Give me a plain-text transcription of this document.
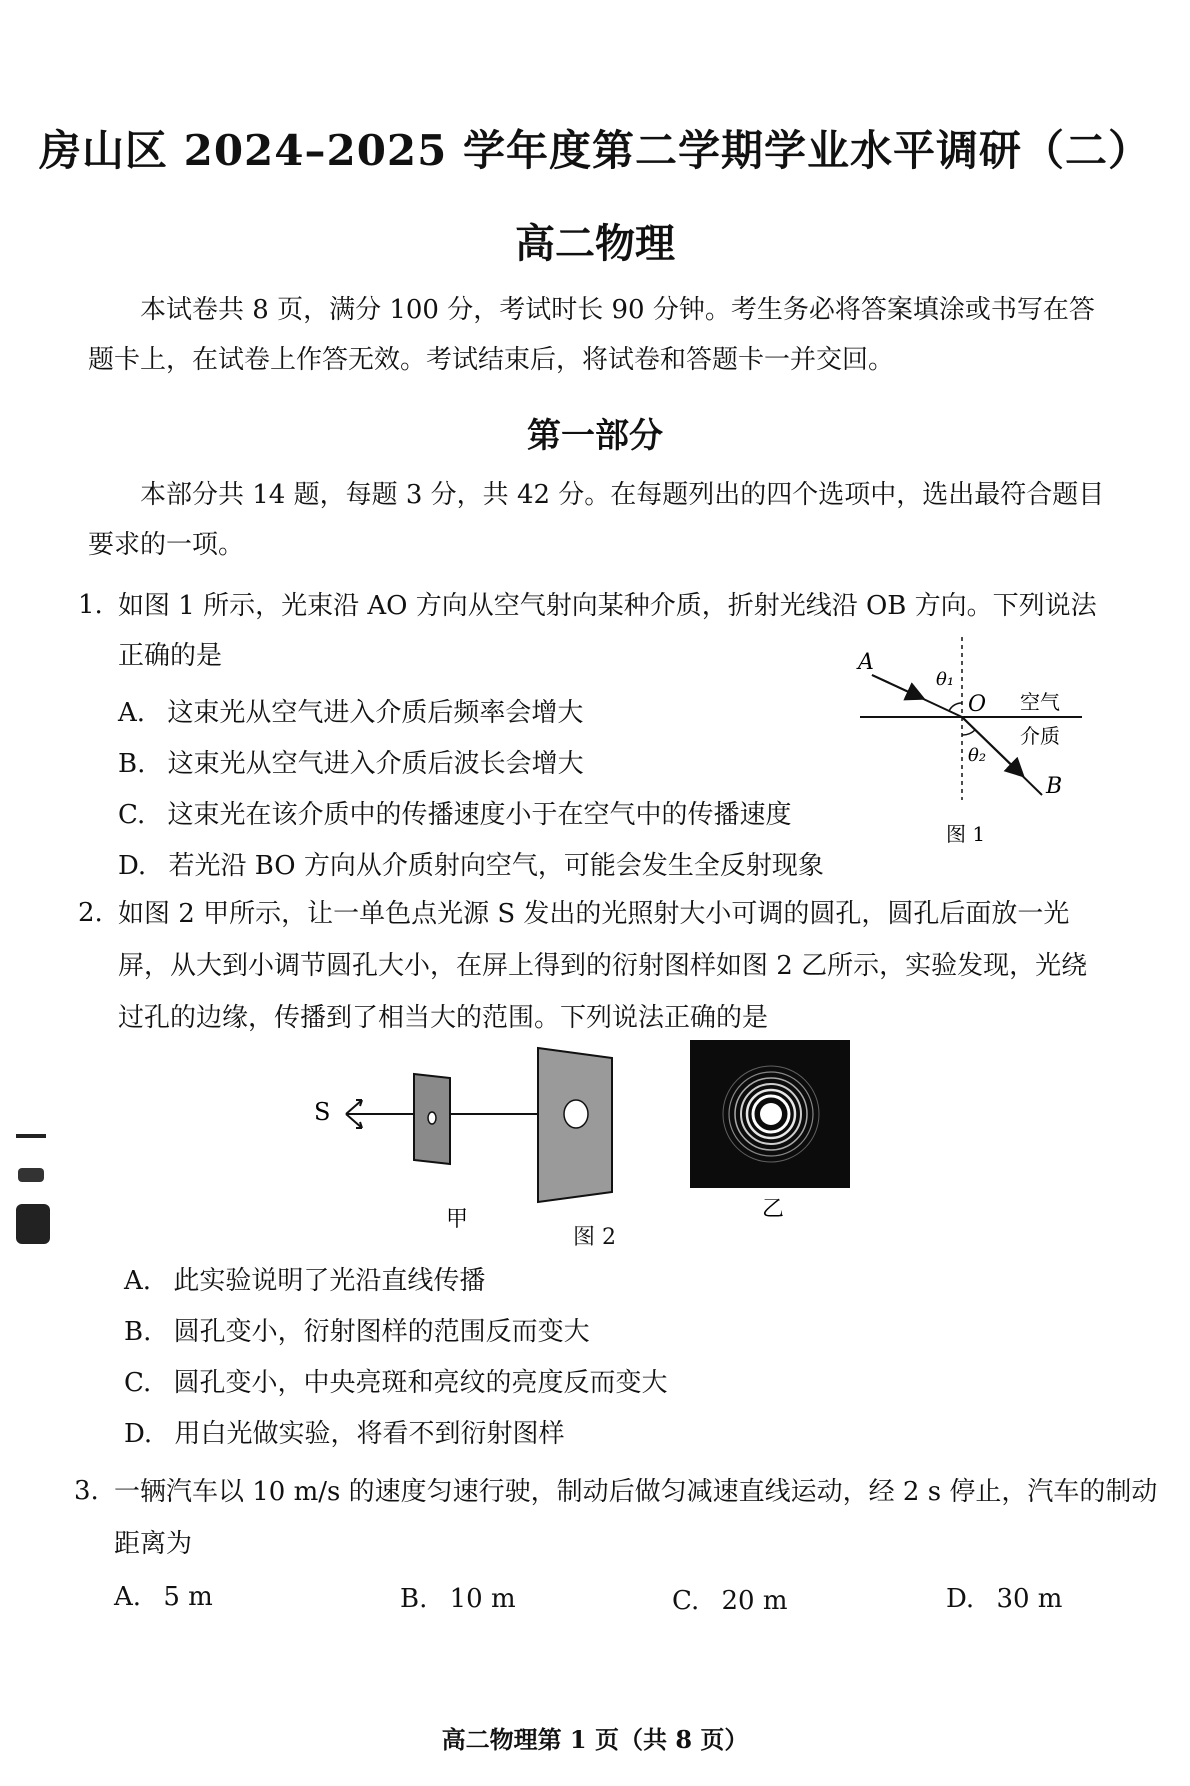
房山区 2024–2025 学年度第二学期学业水平调研（二）
高二物理
本试卷共 8 页，满分 100 分，考试时长 90 分钟。考生务必将答案填涂或书写在答
题卡上，在试卷上作答无效。考试结束后，将试卷和答题卡一并交回。
第一部分
本部分共 14 题，每题 3 分，共 42 分。在每题列出的四个选项中，选出最符合题目
要求的一项。
1. 如图 1 所示，光束沿 AO 方向从空气射向某种介质，折射光线沿 OB 方向。下列说法
正确的是
A. 这束光从空气进入介质后频率会增大
B. 这束光从空气进入介质后波长会增大
C. 这束光在该介质中的传播速度小于在空气中的传播速度
D. 若光沿 BO 方向从介质射向空气，可能会发生全反射现象
A
θ₁
O 空气
介质
θ₂
B
图 1
2. 如图 2 甲所示，让一单色点光源 S 发出的光照射大小可调的圆孔，圆孔后面放一光
屏，从大到小调节圆孔大小，在屏上得到的衍射图样如图 2 乙所示，实验发现，光绕
过孔的边缘，传播到了相当大的范围。下列说法正确的是
S
甲
图 2
乙
A. 此实验说明了光沿直线传播
B. 圆孔变小，衍射图样的范围反而变大
C. 圆孔变小，中央亮斑和亮纹的亮度反而变大
D. 用白光做实验，将看不到衍射图样
3. 一辆汽车以 10 m/s 的速度匀速行驶，制动后做匀减速直线运动，经 2 s 停止，汽车的制动
距离为
A. 5 m	B. 10 m	C. 20 m	D. 30 m
高二物理第 1 页（共 8 页）
